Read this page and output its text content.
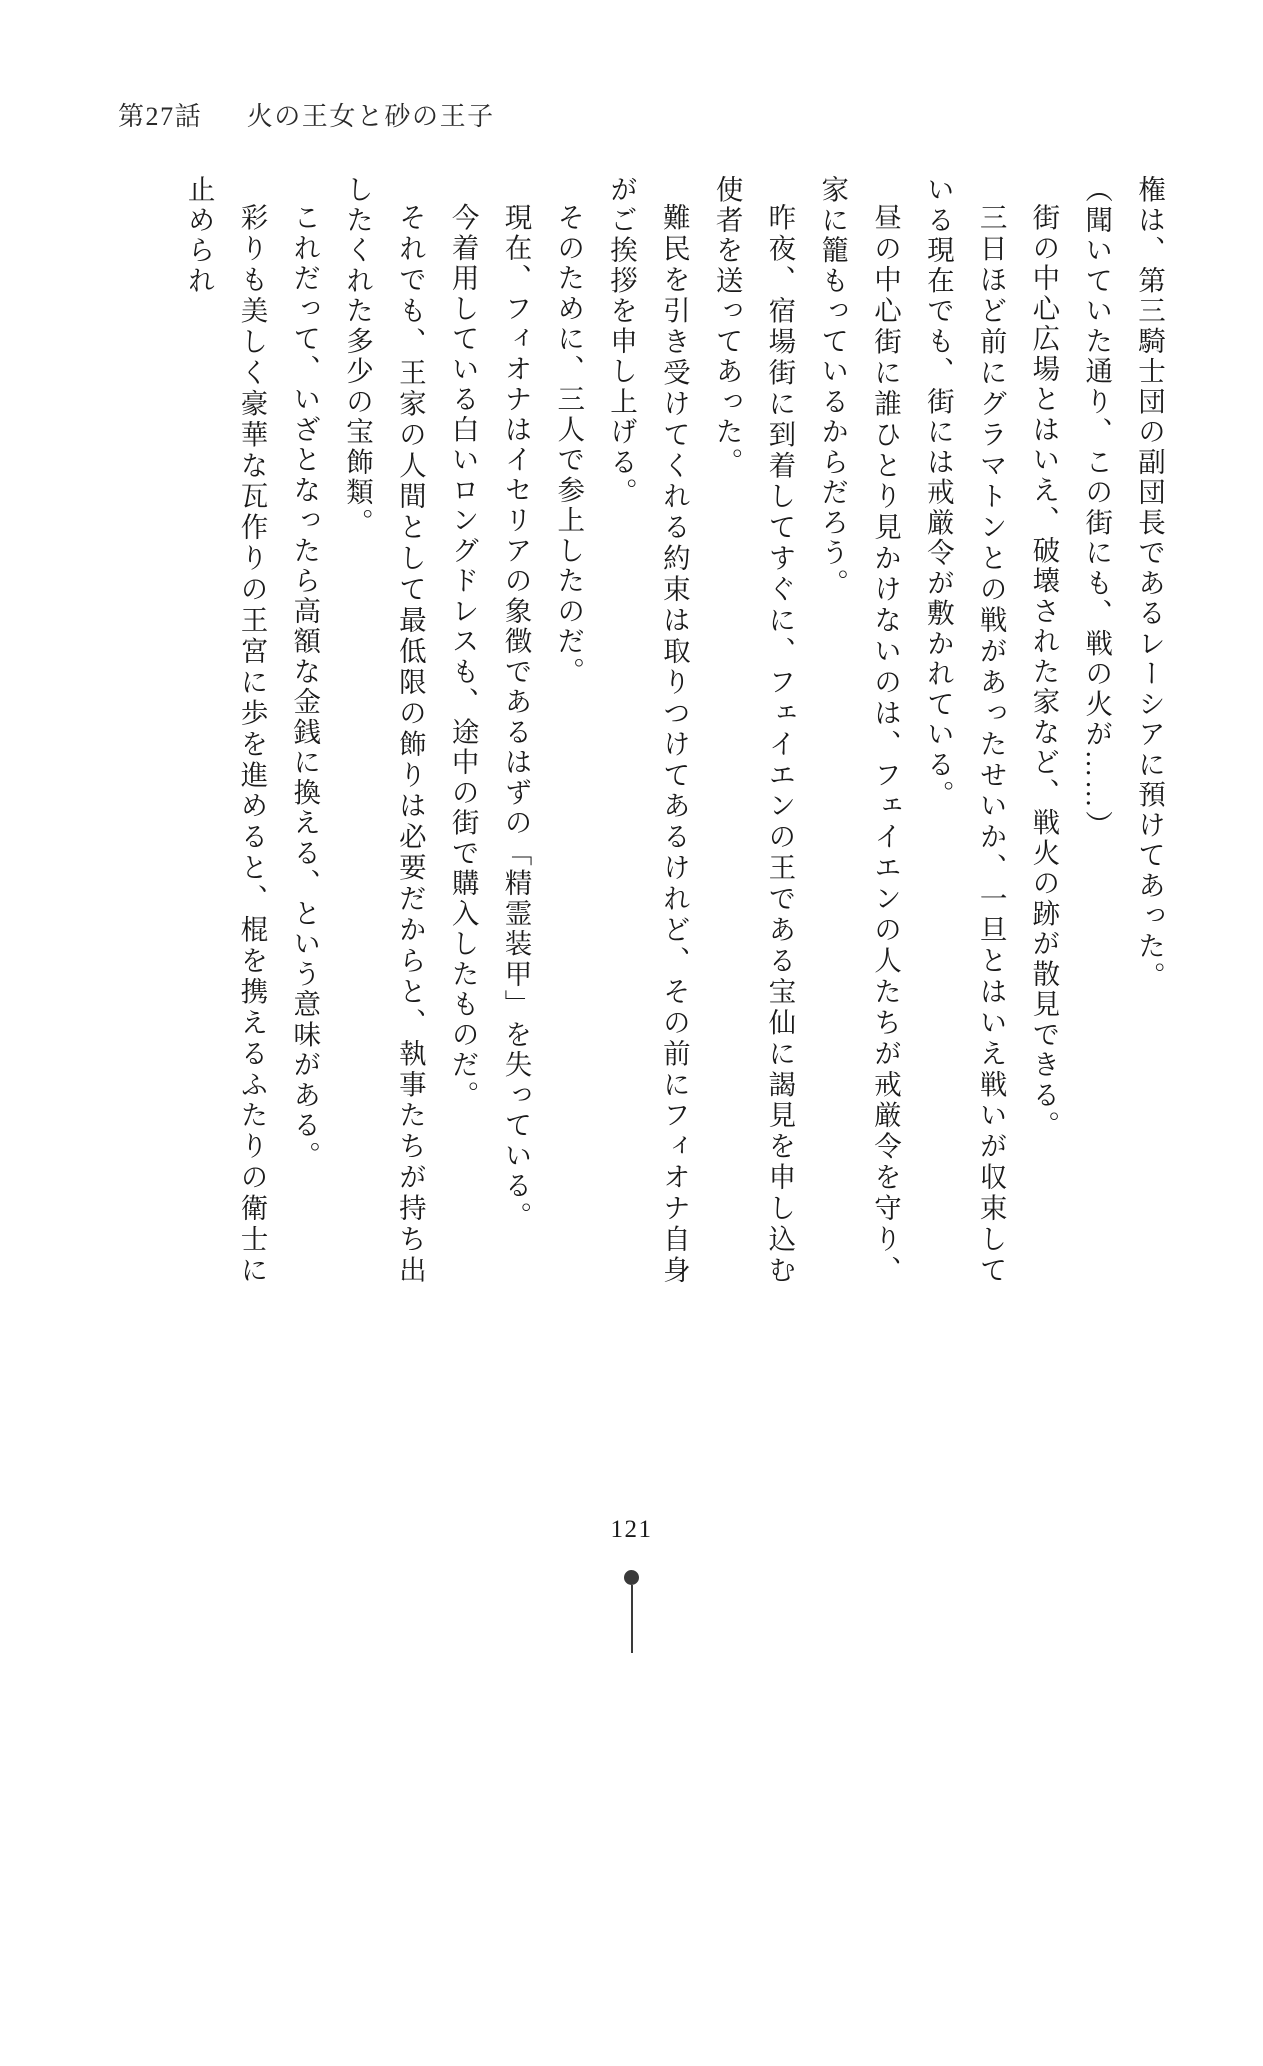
第27話 火の王女と砂の王子

権は、第三騎士団の副団長であるレーシアに預けてあった。

（聞いていた通り、この街にも、戦の火が……）

街の中心広場とはいえ、破壊された家など、戦火の跡が散見できる。

三日ほど前にグラマトンとの戦があったせいか、一旦とはいえ戦いが収束している現在でも、街には戒厳令が敷かれている。

昼の中心街に誰ひとり見かけないのは、フェイエンの人たちが戒厳令を守り、家に籠もっているからだろう。

昨夜、宿場街に到着してすぐに、フェイエンの王である宝仙に謁見を申し込む使者を送ってあった。

難民を引き受けてくれる約束は取りつけてあるけれど、その前にフィオナ自身がご挨拶を申し上げる。

そのために、三人で参上したのだ。

現在、フィオナはイセリアの象徴であるはずの「精霊装甲」を失っている。

今着用している白いロングドレスも、途中の街で購入したものだ。

それでも、王家の人間として最低限の飾りは必要だからと、執事たちが持ち出したくれた多少の宝飾類。

これだって、いざとなったら高額な金銭に換える、という意味がある。

彩りも美しく豪華な瓦作りの王宮に歩を進めると、棍を携えるふたりの衛士に止められ

121
